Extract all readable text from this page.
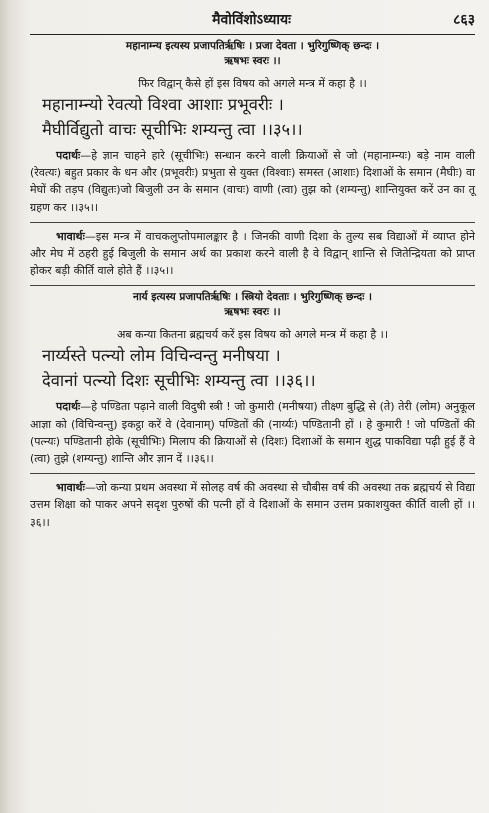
मैवोविंशोऽध्यायः	८६३
महानाम्न्य इत्यस्य प्रजापतिर्ऋषिः । प्रजा देवता । भुरिगुष्णिक् छन्दः ।
ऋषभः स्वरः ।।
फिर विद्वान् कैसे हों इस विषय को अगले मन्त्र में कहा है ।।
महानाम्न्यो रेवत्यो विश्वा आशाः प्रभूवरीः ।
मैघीर्विद्युतो वाचः सूचीभिः शम्यन्तु त्वा ।।३५।।
पदार्थः—हे ज्ञान चाहने हारे (सूचीभिः) सन्धान करने वाली क्रियाओं से जो (महानाम्न्यः) बड़े नाम वाली (रेवत्यः) बहुत प्रकार के धन और (प्रभूवरीः) प्रभुता से युक्त (विश्वाः) समस्त (आशाः) दिशाओं के समान (मैघीः) वा मेघों की तड़प (विद्युतः)जो बिजुली उन के समान (वाचः) वाणी (त्वा) तुझ को (शम्यन्तु) शान्तियुक्त करें उन का तू ग्रहण कर ।।३५।।
भावार्थः—इस मन्त्र में वाचकलुप्तोपमालङ्कार है । जिनकी वाणी दिशा के तुल्य सब विद्याओं में व्याप्त होने और मेघ में ठहरी हुई बिजुली के समान अर्थ का प्रकाश करने वाली है वे विद्वान् शान्ति से जितेन्द्रियता को प्राप्त होकर बड़ी कीर्ति वाले होते हैं ।।३५।।
नार्य इत्यस्य प्रजापतिर्ऋषिः । स्त्रियो देवताः । भुरिगुष्णिक् छन्दः ।
ऋषभः स्वरः ।।
अब कन्या कितना ब्रह्मचर्य करें इस विषय को अगले मन्त्र में कहा है ।।
नार्य्यस्ते पत्न्यो लोम विचिन्वन्तु मनीषया ।
देवानां पत्न्यो दिशः सूचीभिः शम्यन्तु त्वा ।।३६।।
पदार्थः—हे पण्डिता पढ़ाने वाली विदुषी स्त्री ! जो कुमारी (मनीषया) तीक्ष्ण बुद्धि से (ते) तेरी (लोम) अनुकूल आज्ञा को (विचिन्वन्तु) इकट्ठा करें वे (देवानाम्) पण्डितों की (नार्य्यः) पण्डितानी हों । हे कुमारी ! जो पण्डितों की (पत्न्यः) पण्डितानी होके (सूचीभिः) मिलाप की क्रियाओं से (दिशः) दिशाओं के समान शुद्ध पाकविद्या पढ़ी हुई हैं वे (त्वा) तुझे (शम्यन्तु) शान्ति और ज्ञान दें ।।३६।।
भावार्थः—जो कन्या प्रथम अवस्था में सोलह वर्ष की अवस्था से चौबीस वर्ष की अवस्था तक ब्रह्मचर्य से विद्या उत्तम शिक्षा को पाकर अपने सदृश पुरुषों की पत्नी हों वे दिशाओं के समान उत्तम प्रकाशयुक्त कीर्ति वाली हों ।।३६।।
